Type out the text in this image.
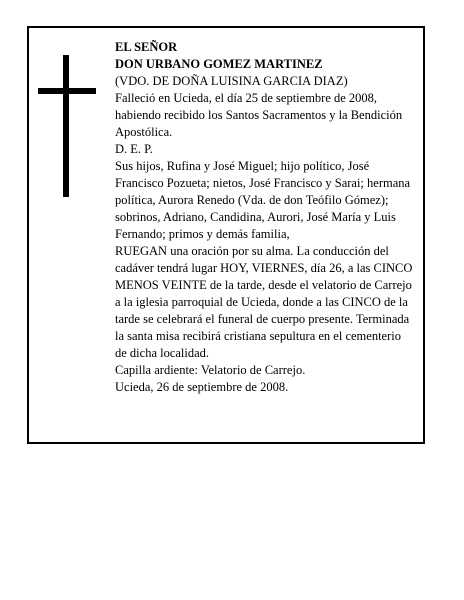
EL SEÑOR

DON URBANO GOMEZ MARTINEZ

(VDO. DE DOÑA LUISINA GARCIA DIAZ)

Falleció en Ucieda, el día 25 de septiembre de 2008, habiendo recibido los Santos Sacramentos y la Bendición Apostólica.

D. E. P.

Sus hijos, Rufina y José Miguel; hijo político, José Francisco Pozueta; nietos, José Francisco y Sarai; hermana política, Aurora Renedo (Vda. de don Teófilo Gómez); sobrinos, Adriano, Candidina, Aurori, José María y Luis Fernando; primos y demás familia,

RUEGAN una oración por su alma. La conducción del cadáver tendrá lugar HOY, VIERNES, día 26, a las CINCO MENOS VEINTE de la tarde, desde el velatorio de Carrejo a la iglesia parroquial de Ucieda, donde a las CINCO de la tarde se celebrará el funeral de cuerpo presente. Terminada la santa misa recibirá cristiana sepultura en el cementerio de dicha localidad.

Capilla ardiente: Velatorio de Carrejo.

Ucieda, 26 de septiembre de 2008.
